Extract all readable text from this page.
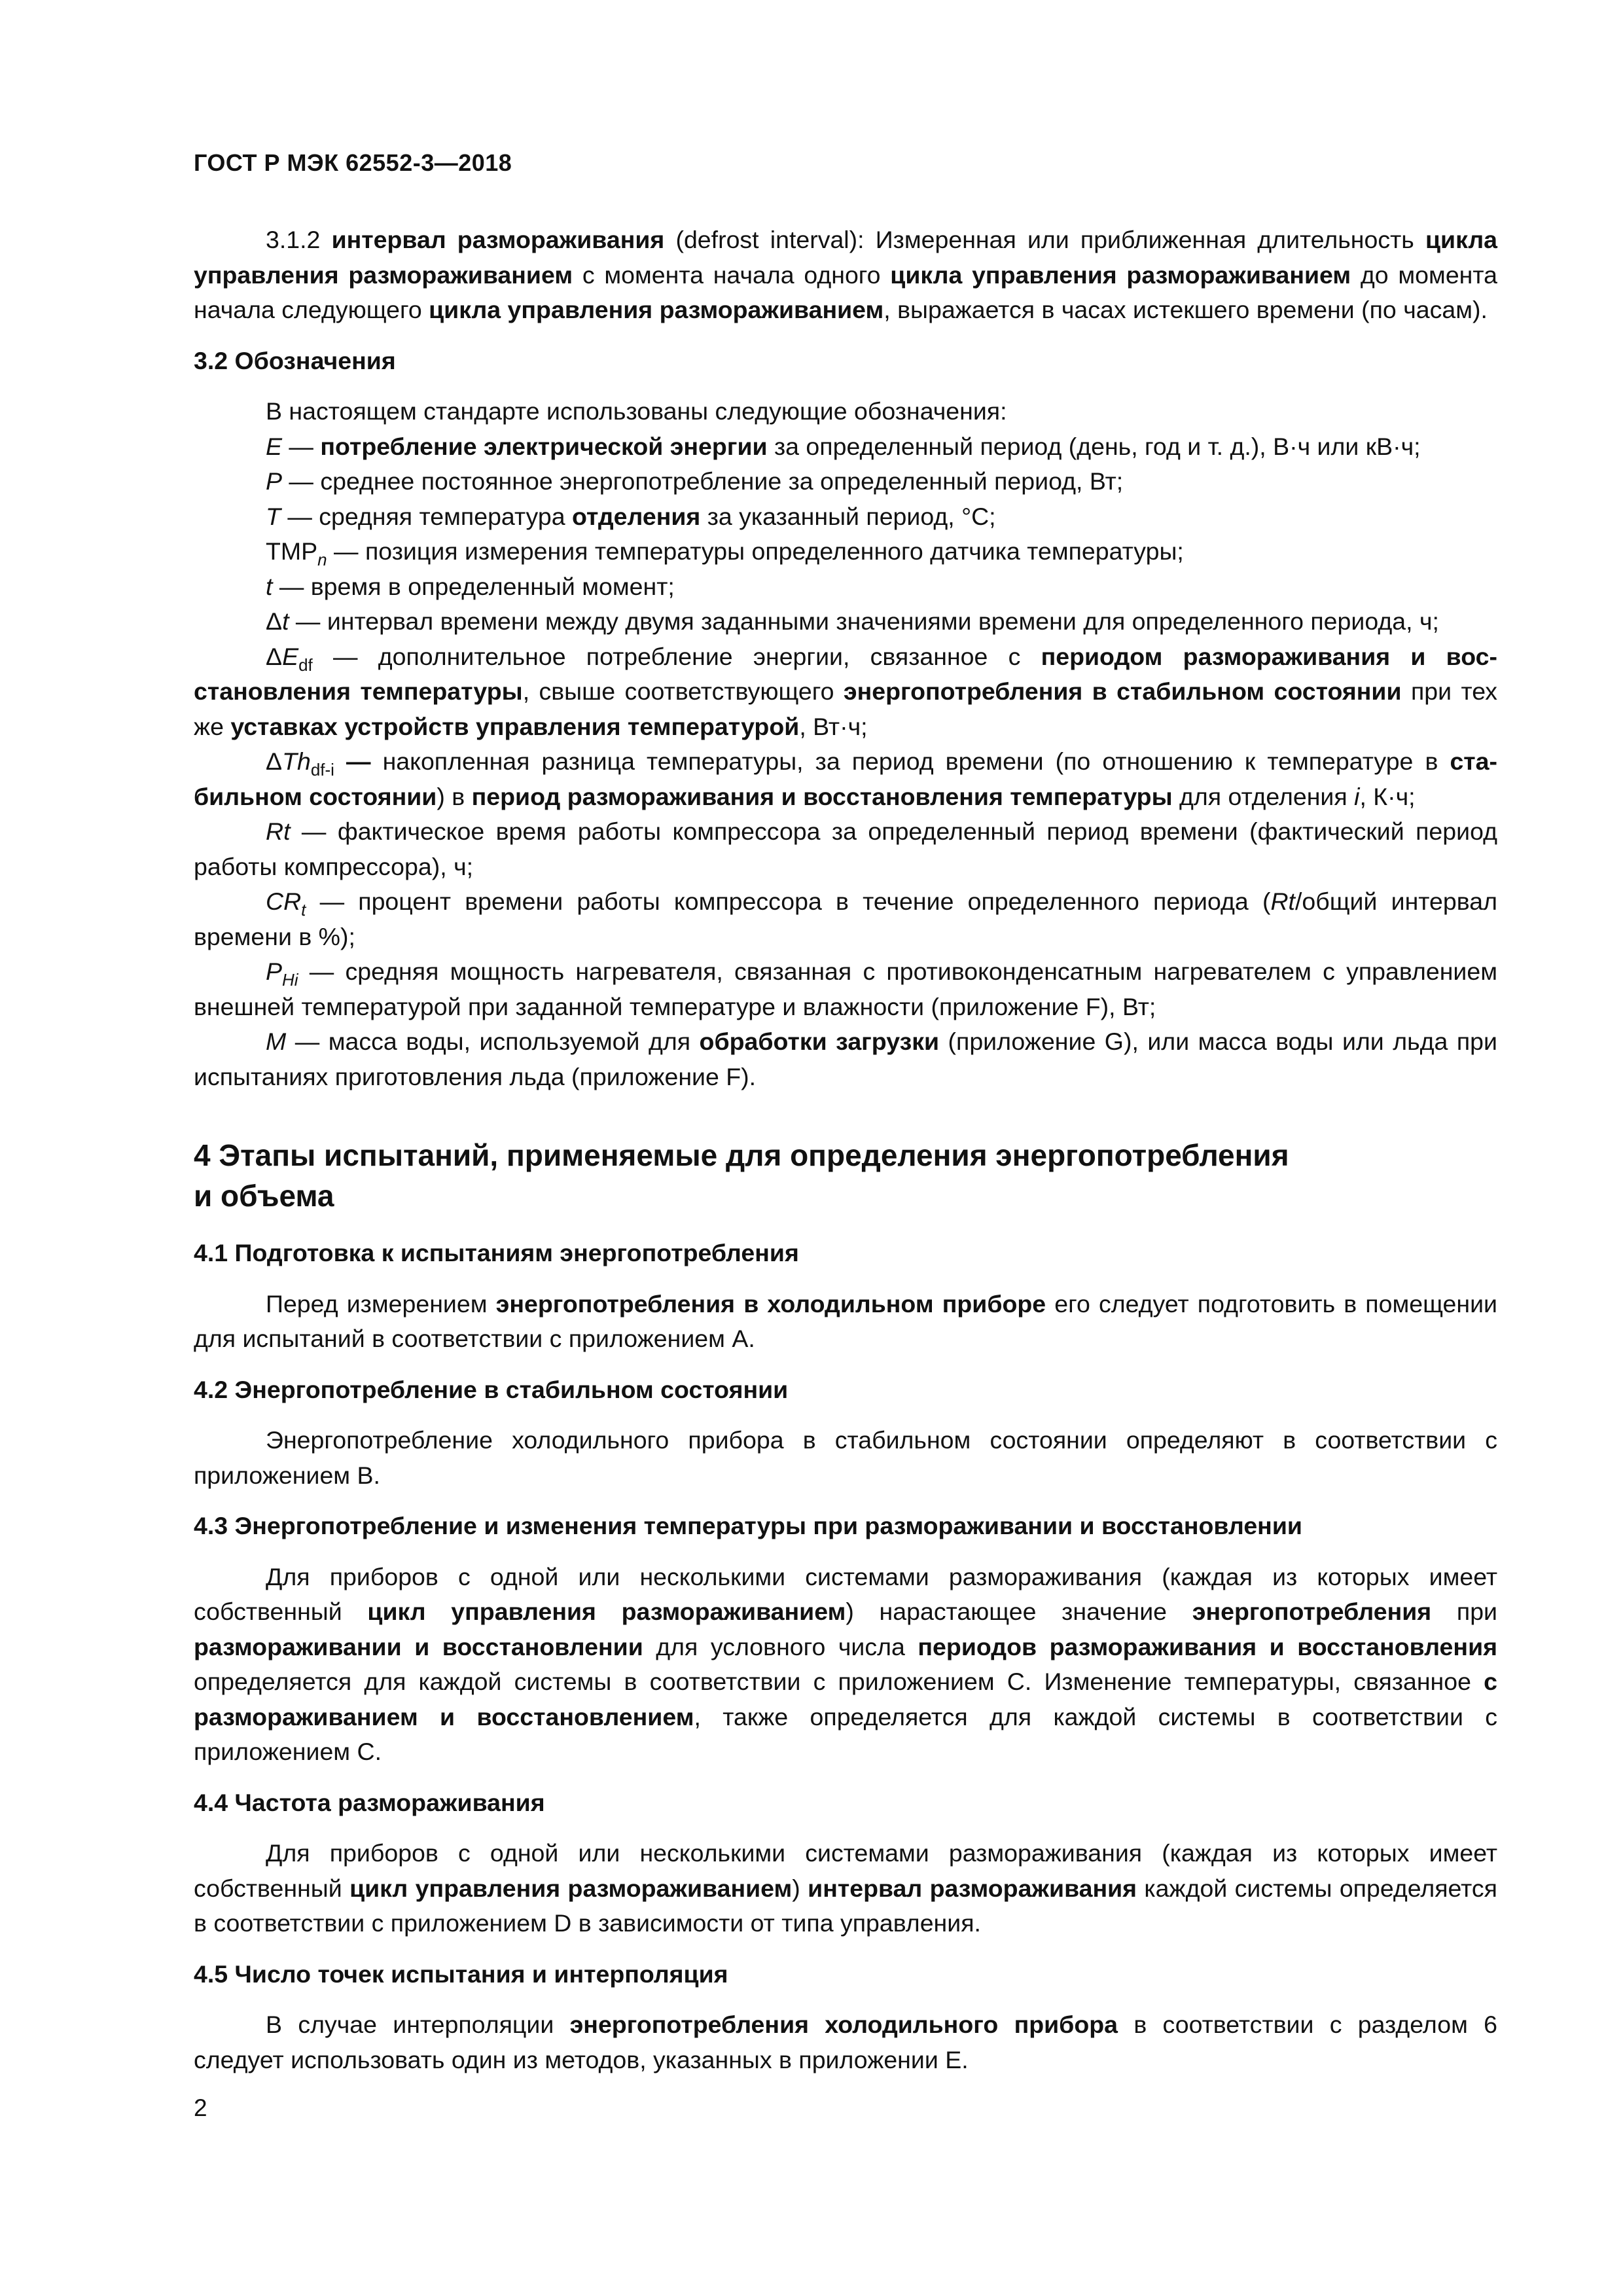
ГОСТ Р МЭК 62552-3—2018

3.1.2 интервал размораживания (defrost interval): Измеренная или приближенная длительность цикла управления размораживанием с момента начала одного цикла управления размораживанием до момента начала следующего цикла управления размораживанием, выражается в часах истекшего времени (по часам).

3.2 Обозначения

В настоящем стандарте использованы следующие обозначения:

E — потребление электрической энергии за определенный период (день, год и т. д.), В·ч или кВ·ч;

P — среднее постоянное энергопотребление за определенный период, Вт;

T — средняя температура отделения за указанный период, °C;

$TMP_n$ — позиция измерения температуры определенного датчика температуры;

t — время в определенный момент;

Δt — интервал времени между двумя заданными значениями времени для определенного периода, ч;

$\Delta E_{df}$ — дополнительное потребление энергии, связанное с периодом размораживания и восстановления температуры, свыше соответствующего энергопотребления в стабильном состоянии при тех же уставках устройств управления температурой, Вт·ч;

ΔTh$_{df-i}$ — накопленная разница температуры, за период времени (по отношению к температуре в стабильном состоянии) в период размораживания и восстановления температуры для отделения i, К·ч;

Rt — фактическое время работы компрессора за определенный период времени (фактический период работы компрессора), ч;

$CR_t$ — процент времени работы компрессора в течение определенного периода (Rt/общий интервал времени в %);

$P_{Hi}$ — средняя мощность нагревателя, связанная с противоконденсатным нагревателем с управлением внешней температурой при заданной температуре и влажности (приложение F), Вт;

M — масса воды, используемой для обработки загрузки (приложение G), или масса воды или льда при испытаниях приготовления льда (приложение F).

4 Этапы испытаний, применяемые для определения энергопотребления
и объема

4.1 Подготовка к испытаниям энергопотребления

Перед измерением энергопотребления в холодильном приборе его следует подготовить в помещении для испытаний в соответствии с приложением А.

4.2 Энергопотребление в стабильном состоянии

Энергопотребление холодильного прибора в стабильном состоянии определяют в соответствии с приложением В.

4.3 Энергопотребление и изменения температуры при размораживании и восстановлении

Для приборов с одной или несколькими системами размораживания (каждая из которых имеет собственный цикл управления размораживанием) нарастающее значение энергопотребления при размораживании и восстановлении для условного числа периодов размораживания и восстановления определяется для каждой системы в соответствии с приложением С. Изменение температуры, связанное с размораживанием и восстановлением, также определяется для каждой системы в соответствии с приложением С.

4.4 Частота размораживания

Для приборов с одной или несколькими системами размораживания (каждая из которых имеет собственный цикл управления размораживанием) интервал размораживания каждой системы определяется в соответствии с приложением D в зависимости от типа управления.

4.5 Число точек испытания и интерполяция

В случае интерполяции энергопотребления холодильного прибора в соответствии с разделом 6 следует использовать один из методов, указанных в приложении Е.

2
